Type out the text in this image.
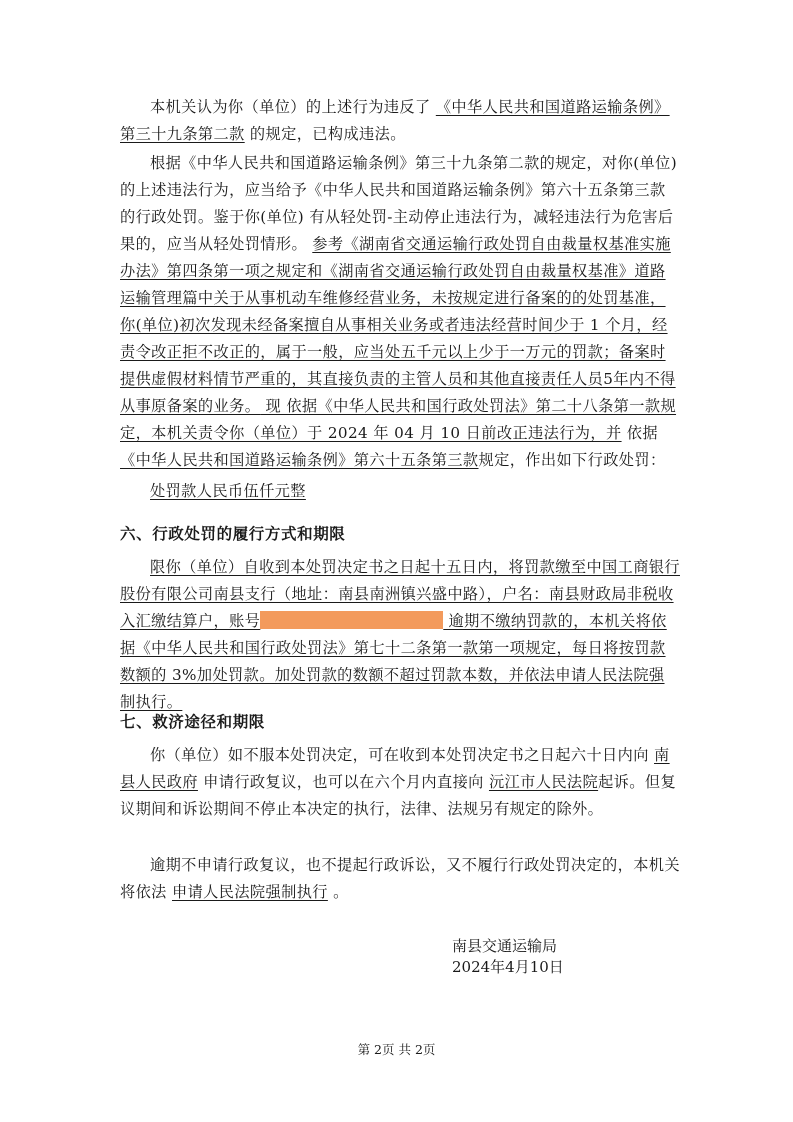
本机关认为你（单位）的上述行为违反了 《中华人民共和国道路运输条例》第三十九条第二款 的规定，已构成违法。

根据《中华人民共和国道路运输条例》第三十九条第二款的规定，对你(单位)的上述违法行为，应当给予《中华人民共和国道路运输条例》第六十五条第三款的行政处罚。鉴于你(单位) 有从轻处罚-主动停止违法行为，减轻违法行为危害后果的，应当从轻处罚情形。 参考《湖南省交通运输行政处罚自由裁量权基准实施办法》第四条第一项之规定和《湖南省交通运输行政处罚自由裁量权基准》道路运输管理篇中关于从事机动车维修经营业务，未按规定进行备案的的处罚基准，你(单位)初次发现未经备案擅自从事相关业务或者违法经营时间少于 1 个月，经责令改正拒不改正的，属于一般，应当处五千元以上少于一万元的罚款；备案时提供虚假材料情节严重的，其直接负责的主管人员和其他直接责任人员5年内不得从事原备案的业务。 现 依据《中华人民共和国行政处罚法》第二十八条第一款规定，本机关责令你（单位）于 2024 年 04 月 10 日前改正违法行为，并 依据 《中华人民共和国道路运输条例》第六十五条第三款规定，作出如下行政处罚：

处罚款人民币伍仟元整

六、行政处罚的履行方式和期限

限你（单位）自收到本处罚决定书之日起十五日内，将罚款缴至中国工商银行股份有限公司南县支行（地址：南县南洲镇兴盛中路），户名：南县财政局非税收入汇缴结算户，账号	逾期不缴纳罚款的，本机关将依据《中华人民共和国行政处罚法》第七十二条第一款第一项规定，每日将按罚款数额的 3%加处罚款。加处罚款的数额不超过罚款本数，并依法申请人民法院强制执行。

七、救济途径和期限

你（单位）如不服本处罚决定，可在收到本处罚决定书之日起六十日内向 南县人民政府 申请行政复议，也可以在六个月内直接向 沅江市人民法院起诉。但复议期间和诉讼期间不停止本决定的执行，法律、法规另有规定的除外。

逾期不申请行政复议，也不提起行政诉讼，又不履行行政处罚决定的，本机关将依法 申请人民法院强制执行 。

南县交通运输局
2024年4月10日

第 2页 共 2页
